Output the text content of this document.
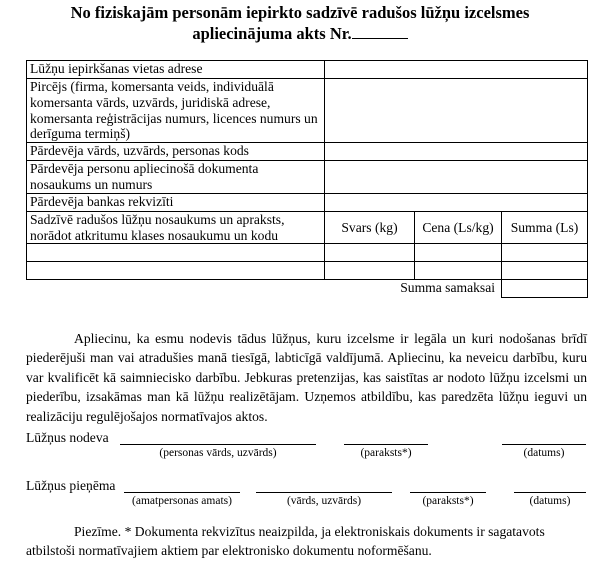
No fiziskajām personām iepirkto sadzīvē radušos lūžņu izcelsmes
apliecinājuma akts Nr.
Lūžņu iepirkšanas vietas adrese			
Pircējs (firma, komersanta veids, individuālā komersanta vārds, uzvārds, juridiskā adrese, komersanta reģistrācijas numurs, licences numurs un derīguma termiņš)			
Pārdevēja vārds, uzvārds, personas kods			
Pārdevēja personu apliecinošā dokumenta nosaukums un numurs			
Pārdevēja bankas rekvizīti			
Sadzīvē radušos lūžņu nosaukums un apraksts, norādot atkritumu klases nosaukumu un kodu	Svars (kg)	Cena (Ls/kg)	Summa (Ls)

	Summa samaksai		
Apliecinu, ka esmu nodevis tādus lūžņus, kuru izcelsme ir legāla un kuri nodošanas brīdī piederējuši man vai atradušies manā tiesīgā, labticīgā valdījumā. Apliecinu, ka neveicu darbību, kuru var kvalificēt kā saimniecisko darbību. Jebkuras pretenzijas, kas saistītas ar nodoto lūžņu izcelsmi un piederību, izsakāmas man kā lūžņu realizētājam. Uzņemos atbildību, kas paredzēta lūžņu ieguvi un realizāciju regulējošajos normatīvajos aktos.
Lūžņus nodeva
(personas vārds, uzvārds)	(paraksts*)	(datums)
Lūžņus pieņēma
(amatpersonas amats)	(vārds, uzvārds)	(paraksts*)	(datums)
Piezīme. * Dokumenta rekvizītus neaizpilda, ja elektroniskais dokuments ir sagatavots atbilstoši normatīvajiem aktiem par elektronisko dokumentu noformēšanu.
